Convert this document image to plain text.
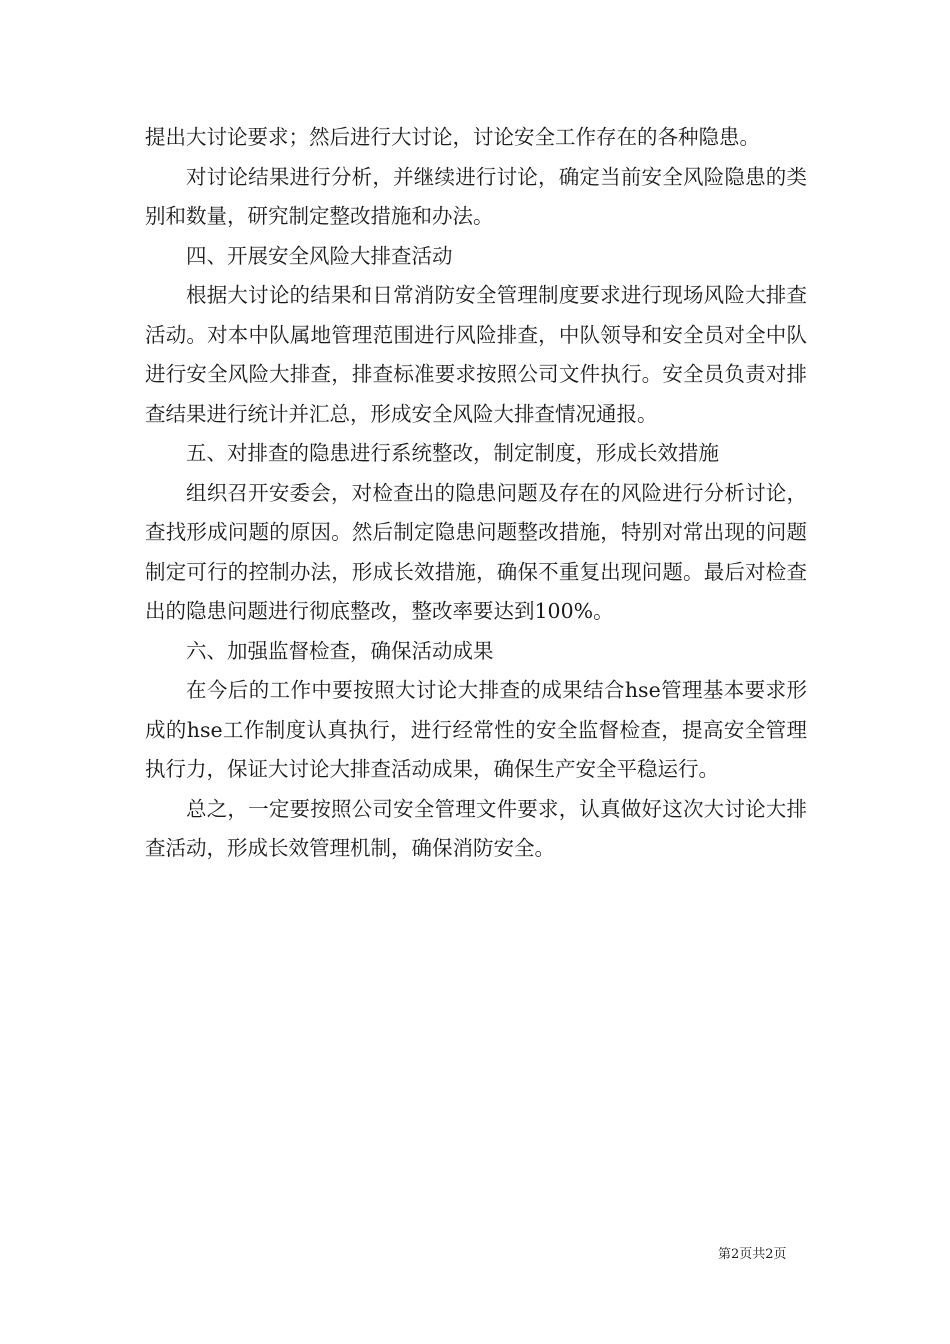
提出大讨论要求；然后进行大讨论，讨论安全工作存在的各种隐患。

对讨论结果进行分析，并继续进行讨论，确定当前安全风险隐患的类别和数量，研究制定整改措施和办法。

四、开展安全风险大排查活动

根据大讨论的结果和日常消防安全管理制度要求进行现场风险大排查活动。对本中队属地管理范围进行风险排查，中队领导和安全员对全中队进行安全风险大排查，排查标准要求按照公司文件执行。安全员负责对排查结果进行统计并汇总，形成安全风险大排查情况通报。

五、对排查的隐患进行系统整改，制定制度，形成长效措施

组织召开安委会，对检查出的隐患问题及存在的风险进行分析讨论，查找形成问题的原因。然后制定隐患问题整改措施，特别对常出现的问题制定可行的控制办法，形成长效措施，确保不重复出现问题。最后对检查出的隐患问题进行彻底整改，整改率要达到100%。

六、加强监督检查，确保活动成果

在今后的工作中要按照大讨论大排查的成果结合hse管理基本要求形成的hse工作制度认真执行，进行经常性的安全监督检查，提高安全管理执行力，保证大讨论大排查活动成果，确保生产安全平稳运行。

总之，一定要按照公司安全管理文件要求，认真做好这次大讨论大排查活动，形成长效管理机制，确保消防安全。

第2页共2页
